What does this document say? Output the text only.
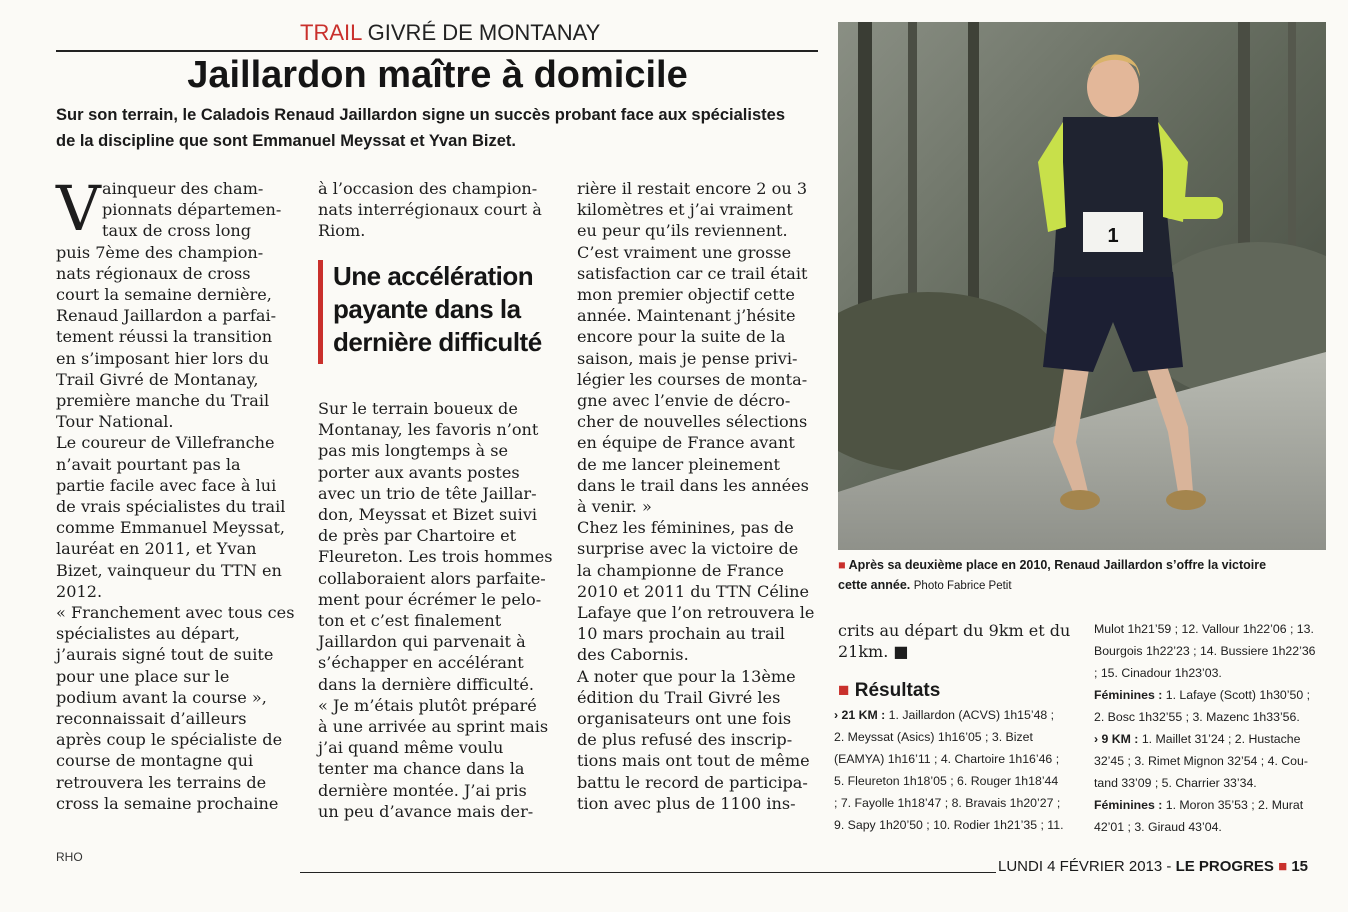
TRAIL GIVRÉ DE MONTANAY
Jaillardon maître à domicile
Sur son terrain, le Caladois Renaud Jaillardon signe un succès probant face aux spécialistes
de la discipline que sont Emmanuel Meyssat et Yvan Bizet.
V ainqueur des cham-

pionnats départemen-

taux de cross long

puis 7ème des champion-

nats régionaux de cross

court la semaine dernière,

Renaud Jaillardon a parfai-

tement réussi la transition

en s’imposant hier lors du

Trail Givré de Montanay,

première manche du Trail

Tour National.

Le coureur de Villefranche

n’avait pourtant pas la

partie facile avec face à lui

de vrais spécialistes du trail

comme Emmanuel Meyssat,

lauréat en 2011, et Yvan

Bizet, vainqueur du TTN en

2012.

« Franchement avec tous ces

spécialistes au départ,

j’aurais signé tout de suite

pour une place sur le

podium avant la course »,

reconnaissait d’ailleurs

après coup le spécialiste de

course de montagne qui

retrouvera les terrains de

cross la semaine prochaine

à l’occasion des champion-

nats interrégionaux court à

Riom.

Une accélération
payante dans la
dernière difficulté

Sur le terrain boueux de

Montanay, les favoris n’ont

pas mis longtemps à se

porter aux avants postes

avec un trio de tête Jaillar-

don, Meyssat et Bizet suivi

de près par Chartoire et

Fleureton. Les trois hommes

collaboraient alors parfaite-

ment pour écrémer le pelo-

ton et c’est finalement

Jaillardon qui parvenait à

s’échapper en accélérant

dans la dernière difficulté.

« Je m’étais plutôt préparé

à une arrivée au sprint mais

j’ai quand même voulu

tenter ma chance dans la

dernière montée. J’ai pris

un peu d’avance mais der-

rière il restait encore 2 ou 3

kilomètres et j’ai vraiment

eu peur qu’ils reviennent.

C’est vraiment une grosse

satisfaction car ce trail était

mon premier objectif cette

année. Maintenant j’hésite

encore pour la suite de la

saison, mais je pense privi-

légier les courses de monta-

gne avec l’envie de décro-

cher de nouvelles sélections

en équipe de France avant

de me lancer pleinement

dans le trail dans les années

à venir. »

Chez les féminines, pas de

surprise avec la victoire de

la championne de France

2010 et 2011 du TTN Céline

Lafaye que l’on retrouvera le

10 mars prochain au trail

des Cabornis.

A noter que pour la 13ème

édition du Trail Givré les

organisateurs ont une fois

de plus refusé des inscrip-

tions mais ont tout de même

battu le record de participa-

tion avec plus de 1100 ins-

1
■ Après sa deuxième place en 2010, Renaud Jaillardon s’offre la victoire
cette année. Photo Fabrice Petit

crits au départ du 9km et du

21km. ■

■ Résultats

› 21 KM : 1. Jaillardon (ACVS) 1h15’48 ;

2. Meyssat (Asics) 1h16’05 ; 3. Bizet

(EAMYA) 1h16’11 ; 4. Chartoire 1h16’46 ;

5. Fleureton 1h18’05 ; 6. Rouger 1h18’44

; 7. Fayolle 1h18’47 ; 8. Bravais 1h20’27 ;

9. Sapy 1h20’50 ; 10. Rodier 1h21’35 ; 11.

Mulot 1h21’59 ; 12. Vallour 1h22’06 ; 13.

Bourgois 1h22’23 ; 14. Bussiere 1h22’36

; 15. Cinadour 1h23’03.

Féminines : 1. Lafaye (Scott) 1h30’50 ;

2. Bosc 1h32’55 ; 3. Mazenc 1h33’56.

› 9 KM : 1. Maillet 31’24 ; 2. Hustache

32’45 ; 3. Rimet Mignon 32’54 ; 4. Cou-

tand 33’09 ; 5. Charrier 33’34.

Féminines : 1. Moron 35’53 ; 2. Murat

42’01 ; 3. Giraud 43’04.

RHO
LUNDI 4 FÉVRIER 2013 - LE PROGRES ■ 15
